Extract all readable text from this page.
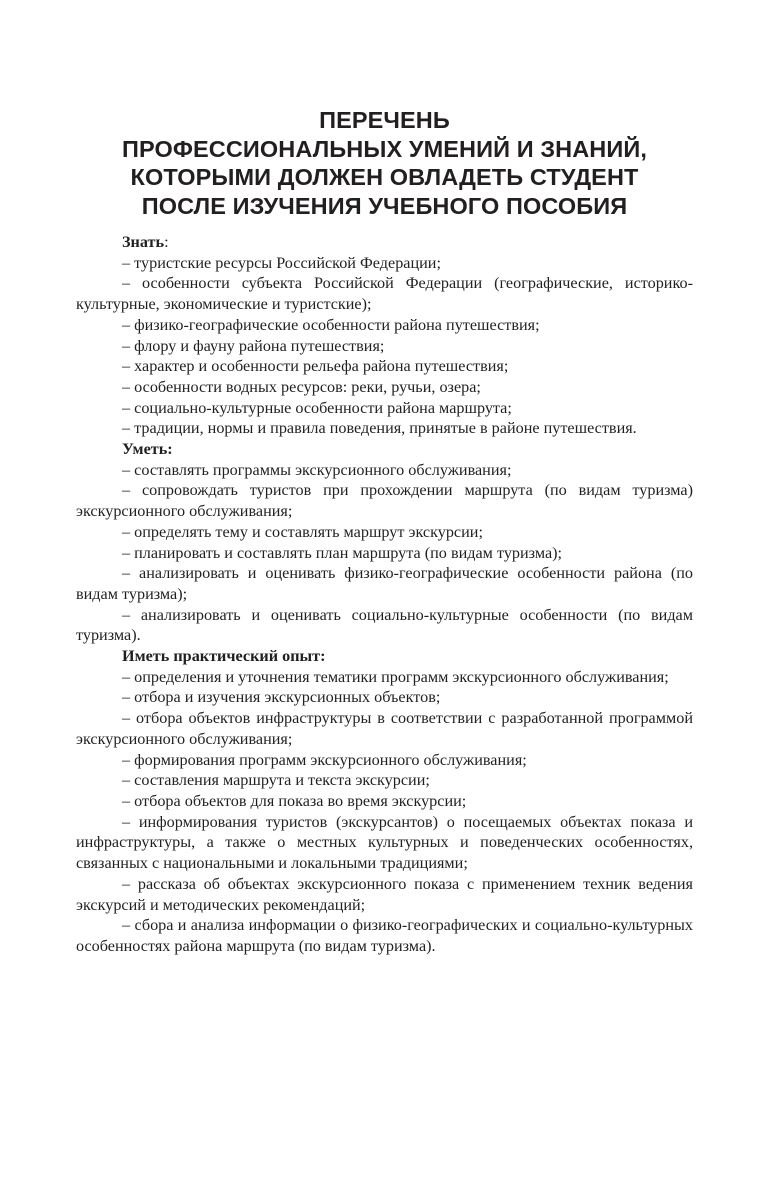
ПЕРЕЧЕНЬ
ПРОФЕССИОНАЛЬНЫХ УМЕНИЙ И ЗНАНИЙ,
КОТОРЫМИ ДОЛЖЕН ОВЛАДЕТЬ СТУДЕНТ
ПОСЛЕ ИЗУЧЕНИЯ УЧЕБНОГО ПОСОБИЯ

Знать:

– туристские ресурсы Российской Федерации;

– особенности субъекта Российской Федерации (географические, историко-культурные, экономические и туристские);

– физико-географические особенности района путешествия;

– флору и фауну района путешествия;

– характер и особенности рельефа района путешествия;

– особенности водных ресурсов: реки, ручьи, озера;

– социально-культурные особенности района маршрута;

– традиции, нормы и правила поведения, принятые в районе путешествия.

Уметь:

– составлять программы экскурсионного обслуживания;

– сопровождать туристов при прохождении маршрута (по видам туризма) экскурсионного обслуживания;

– определять тему и составлять маршрут экскурсии;

– планировать и составлять план маршрута (по видам туризма);

– анализировать и оценивать физико-географические особенности района (по видам туризма);

– анализировать и оценивать социально-культурные особенности (по видам туризма).

Иметь практический опыт:

– определения и уточнения тематики программ экскурсионного обслуживания;

– отбора и изучения экскурсионных объектов;

– отбора объектов инфраструктуры в соответствии с разработанной программой экскурсионного обслуживания;

– формирования программ экскурсионного обслуживания;

– составления маршрута и текста экскурсии;

– отбора объектов для показа во время экскурсии;

– информирования туристов (экскурсантов) о посещаемых объектах показа и инфраструктуры, а также о местных культурных и поведенческих особенностях, связанных с национальными и локальными традициями;

– рассказа об объектах экскурсионного показа с применением техник ведения экскурсий и методических рекомендаций;

– сбора и анализа информации о физико-географических и социально-культурных особенностях района маршрута (по видам туризма).
